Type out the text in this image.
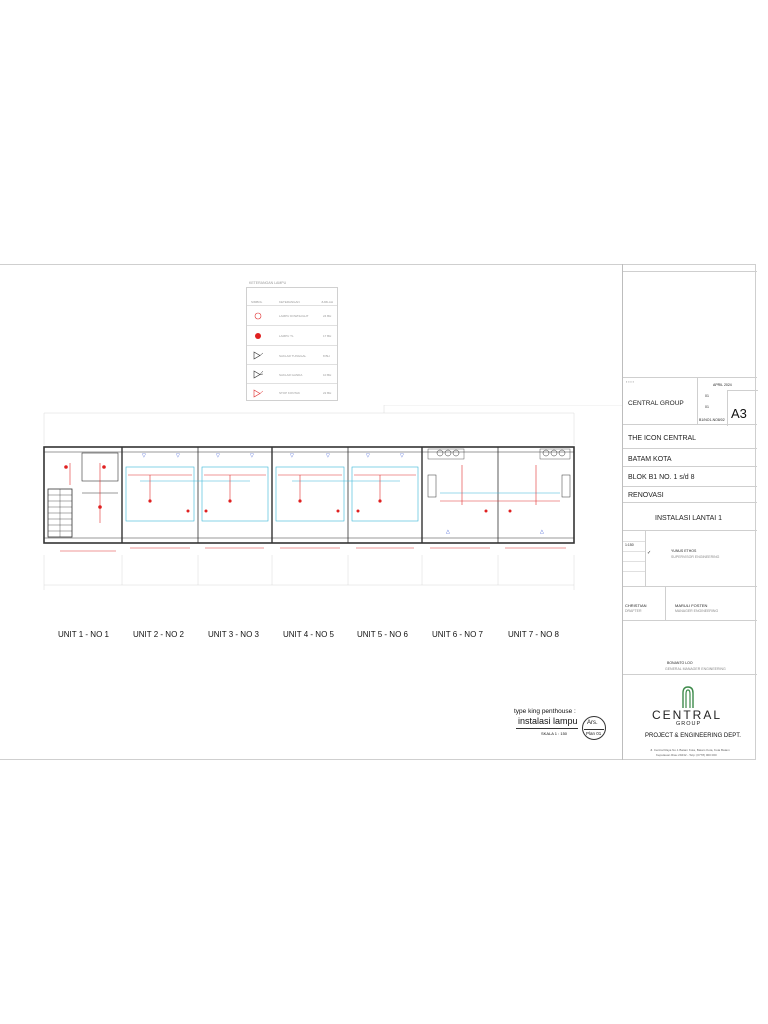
KETERANGAN LAMPU
SIMBOL	KETERANGAN	JUMLAH
LAMPU DOWNLIGHT	24 BH
LAMPU TL	17 BH
SAKLAR TUNGGAL	8 BH
SAKLAR GANDA	10 BH
STOP KONTAK	22 BH
▽	▽	▽	▽	▽	▽	▽	▽
△	△
UNIT 1 - NO 1	UNIT 2 - NO 2	UNIT 3 - NO 3	UNIT 4 - NO 5	UNIT 5 - NO 6	UNIT 6 - NO 7	UNIT 7 - NO 8
type king penthouse :
instalasi lampu
SKALA 1 : 150
Ars.
Plan 01
▪ ▪ ▪ ▪
CENTRAL GROUP
APRIL 2024
01
01
B1/NO1-NO8/02 A3
THE ICON CENTRAL
BATAM KOTA
BLOK B1 NO. 1 s/d 8
RENOVASI
INSTALASI LANTAI 1
1:150
✓	YUNUS ETHOS
SUPERVISOR ENGINEERING
CHRISTIAN
DRAFTER
MARULI FOSTEN
MANAGER ENGINEERING
BONANTO LOO
GENERAL MANAGER ENGINEERING
CENTRAL
GROUP
PROJECT & ENGINEERING DEPT.
Jl. Central Raya No.1 Batam Kota, Batam Kota, Kota Batam
Kepulauan Riau 29432 - Telp: (0778) 000 000
